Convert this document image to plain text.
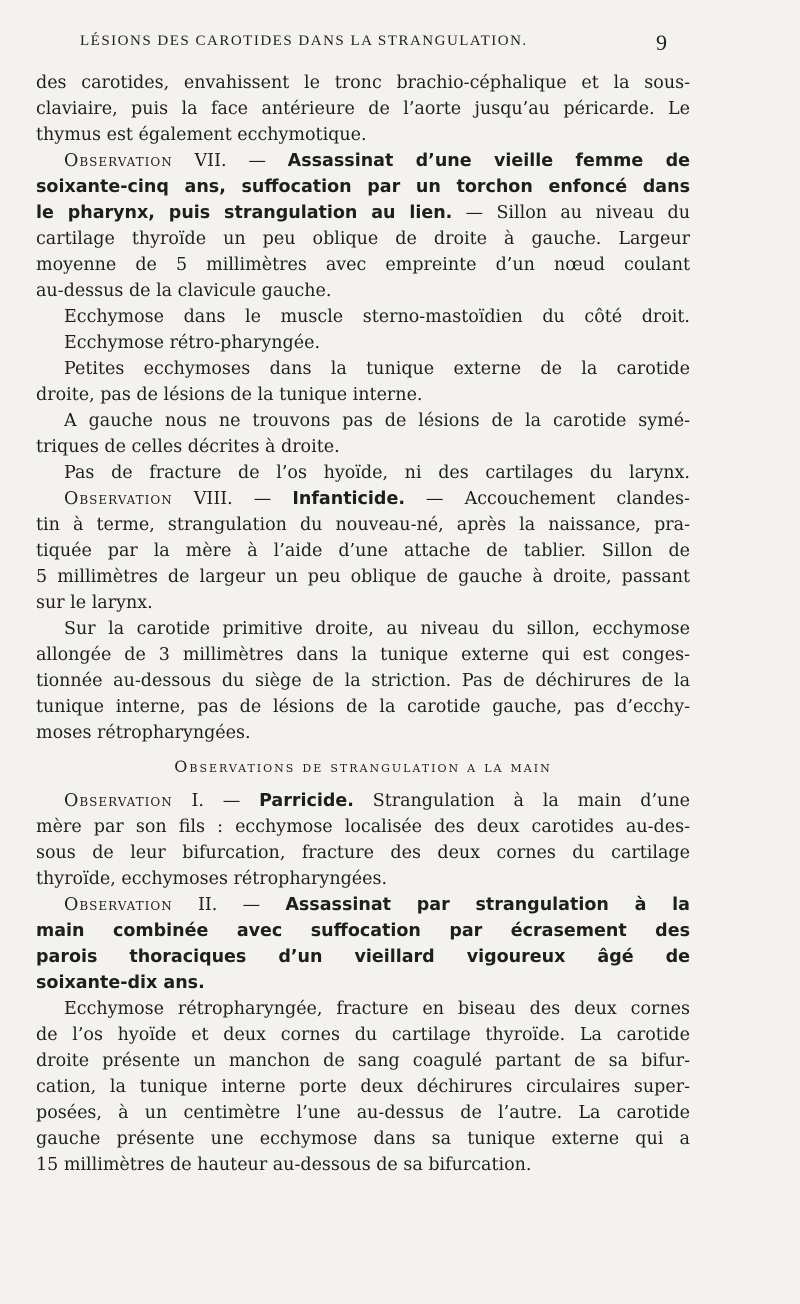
LÉSIONS DES CAROTIDES DANS LA STRANGULATION.	9
des carotides, envahissent le tronc brachio-céphalique et la sous-
claviaire, puis la face antérieure de l’aorte jusqu’au péricarde. Le
thymus est également ecchymotique.
Observation VII. — Assassinat d’une vieille femme de
soixante-cinq ans, suffocation par un torchon enfoncé dans
le pharynx, puis strangulation au lien. — Sillon au niveau du
cartilage thyroïde un peu oblique de droite à gauche. Largeur
moyenne de 5 millimètres avec empreinte d’un nœud coulant
au-dessus de la clavicule gauche.
Ecchymose dans le muscle sterno-mastoïdien du côté droit.
Ecchymose rétro-pharyngée.
Petites ecchymoses dans la tunique externe de la carotide
droite, pas de lésions de la tunique interne.
A gauche nous ne trouvons pas de lésions de la carotide symé-
triques de celles décrites à droite.
Pas de fracture de l’os hyoïde, ni des cartilages du larynx.
Observation VIII. — Infanticide. — Accouchement clandes-
tin à terme, strangulation du nouveau-né, après la naissance, pra-
tiquée par la mère à l’aide d’une attache de tablier. Sillon de
5 millimètres de largeur un peu oblique de gauche à droite, passant
sur le larynx.
Sur la carotide primitive droite, au niveau du sillon, ecchymose
allongée de 3 millimètres dans la tunique externe qui est conges-
tionnée au-dessous du siège de la striction. Pas de déchirures de la
tunique interne, pas de lésions de la carotide gauche, pas d’ecchy-
moses rétropharyngées.
Observations de strangulation a la main
Observation I. — Parricide. Strangulation à la main d’une
mère par son fils : ecchymose localisée des deux carotides au-des-
sous de leur bifurcation, fracture des deux cornes du cartilage
thyroïde, ecchymoses rétropharyngées.
Observation II. — Assassinat par strangulation à la
main combinée avec suffocation par écrasement des
parois thoraciques d’un vieillard vigoureux âgé de
soixante-dix ans.
Ecchymose rétropharyngée, fracture en biseau des deux cornes
de l’os hyoïde et deux cornes du cartilage thyroïde. La carotide
droite présente un manchon de sang coagulé partant de sa bifur-
cation, la tunique interne porte deux déchirures circulaires super-
posées, à un centimètre l’une au-dessus de l’autre. La carotide
gauche présente une ecchymose dans sa tunique externe qui a
15 millimètres de hauteur au-dessous de sa bifurcation.
